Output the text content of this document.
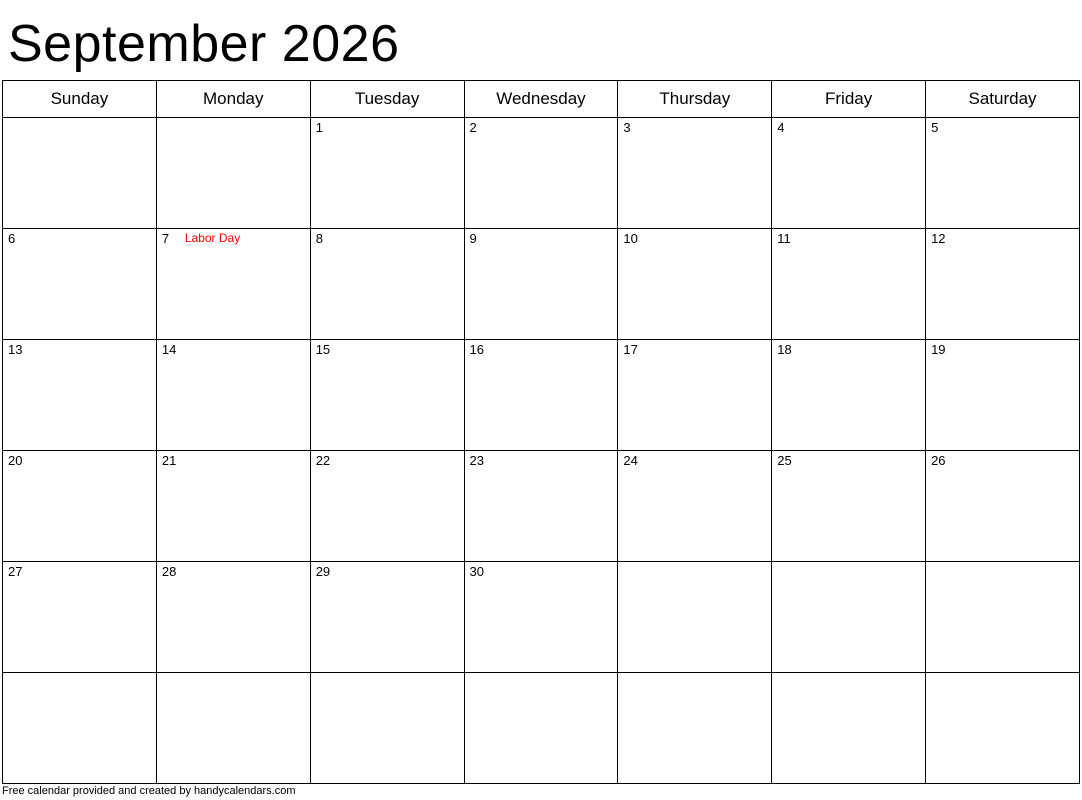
September 2026
Sunday	Monday	Tuesday	Wednesday	Thursday	Friday	Saturday

		1	2	3	4	5

6	7 Labor Day	8	9	10	11	12

13	14	15	16	17	18	19

20	21	22	23	24	25	26

27	28	29	30			

Free calendar provided and created by handycalendars.com
